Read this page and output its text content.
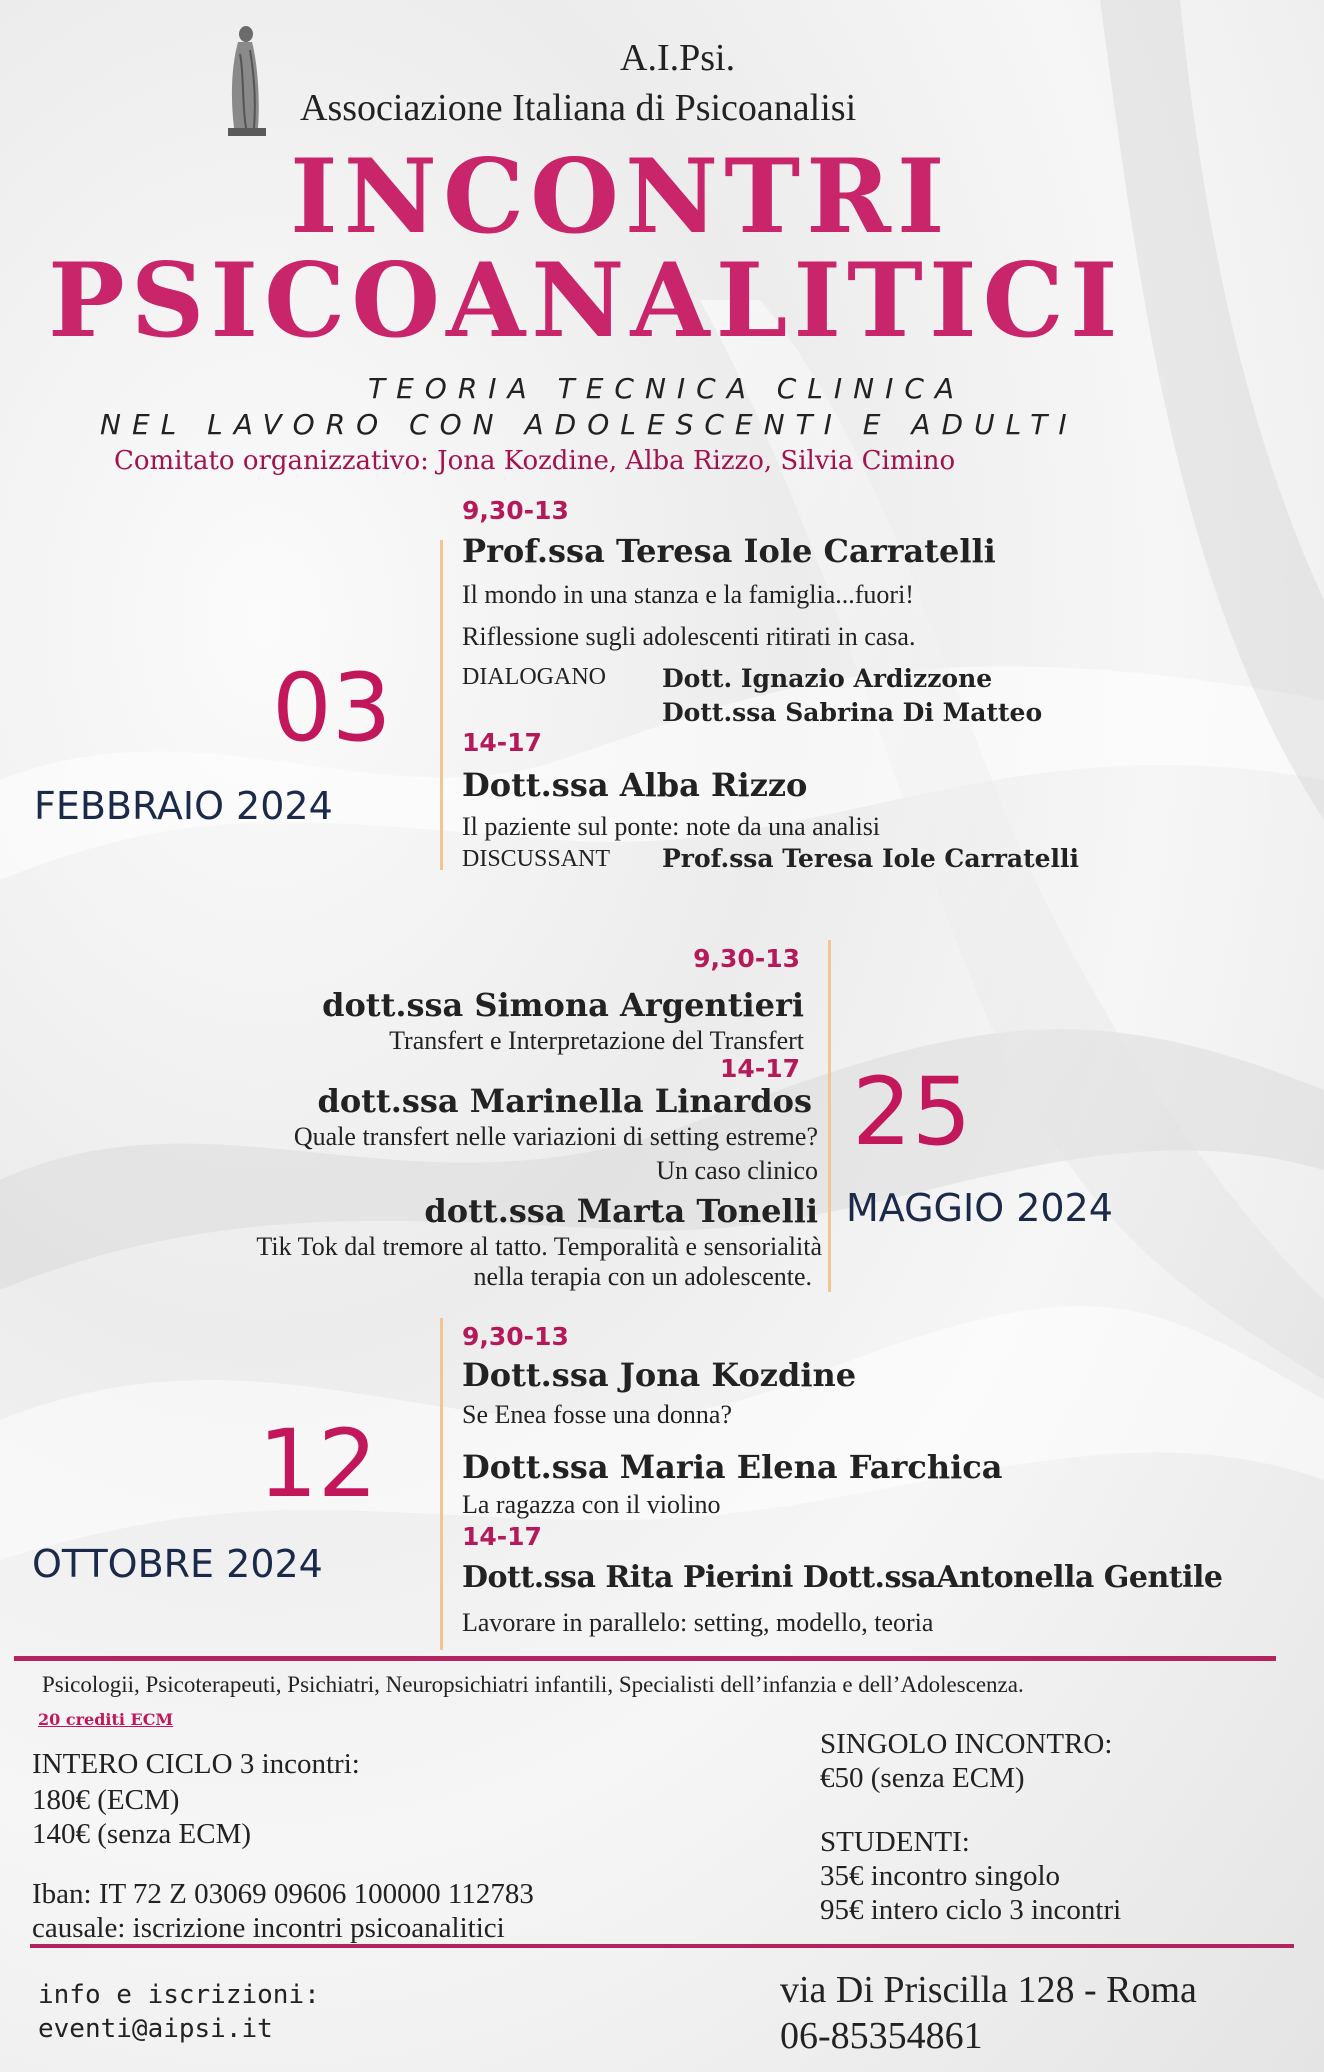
A.I.Psi.
Associazione Italiana di Psicoanalisi
INCONTRI
PSICOANALITICI
TEORIA TECNICA CLINICA
NEL LAVORO CON ADOLESCENTI E ADULTI
Comitato organizzativo: Jona Kozdine, Alba Rizzo, Silvia Cimino
03
FEBBRAIO 2024
9,30-13
Prof.ssa Teresa Iole Carratelli
Il mondo in una stanza e la famiglia...fuori!
Riflessione sugli adolescenti ritirati in casa.
DIALOGANO Dott. Ignazio Ardizzone
Dott.ssa Sabrina Di Matteo
14-17
Dott.ssa Alba Rizzo
Il paziente sul ponte: note da una analisi
DISCUSSANT Prof.ssa Teresa Iole Carratelli
25
MAGGIO 2024
9,30-13
dott.ssa Simona Argentieri
Transfert e Interpretazione del Transfert
14-17
dott.ssa Marinella Linardos
Quale transfert nelle variazioni di setting estreme?
Un caso clinico
dott.ssa Marta Tonelli
Tik Tok dal tremore al tatto. Temporalità e sensorialità
nella terapia con un adolescente.
12
OTTOBRE 2024
9,30-13
Dott.ssa Jona Kozdine
Se Enea fosse una donna?
Dott.ssa Maria Elena Farchica
La ragazza con il violino
14-17
Dott.ssa Rita Pierini Dott.ssaAntonella Gentile
Lavorare in parallelo: setting, modello, teoria
Psicologii, Psicoterapeuti, Psichiatri, Neuropsichiatri infantili, Specialisti dell’infanzia e dell’Adolescenza.
20 crediti ECM
INTERO CICLO 3 incontri:
180€ (ECM)
140€ (senza ECM)
Iban: IT 72 Z 03069 09606 100000 112783
causale: iscrizione incontri psicoanalitici
SINGOLO INCONTRO:
€50 (senza ECM)
STUDENTI:
35€ incontro singolo
95€ intero ciclo 3 incontri
info e iscrizioni:
eventi@aipsi.it
via Di Priscilla 128 - Roma
06-85354861
